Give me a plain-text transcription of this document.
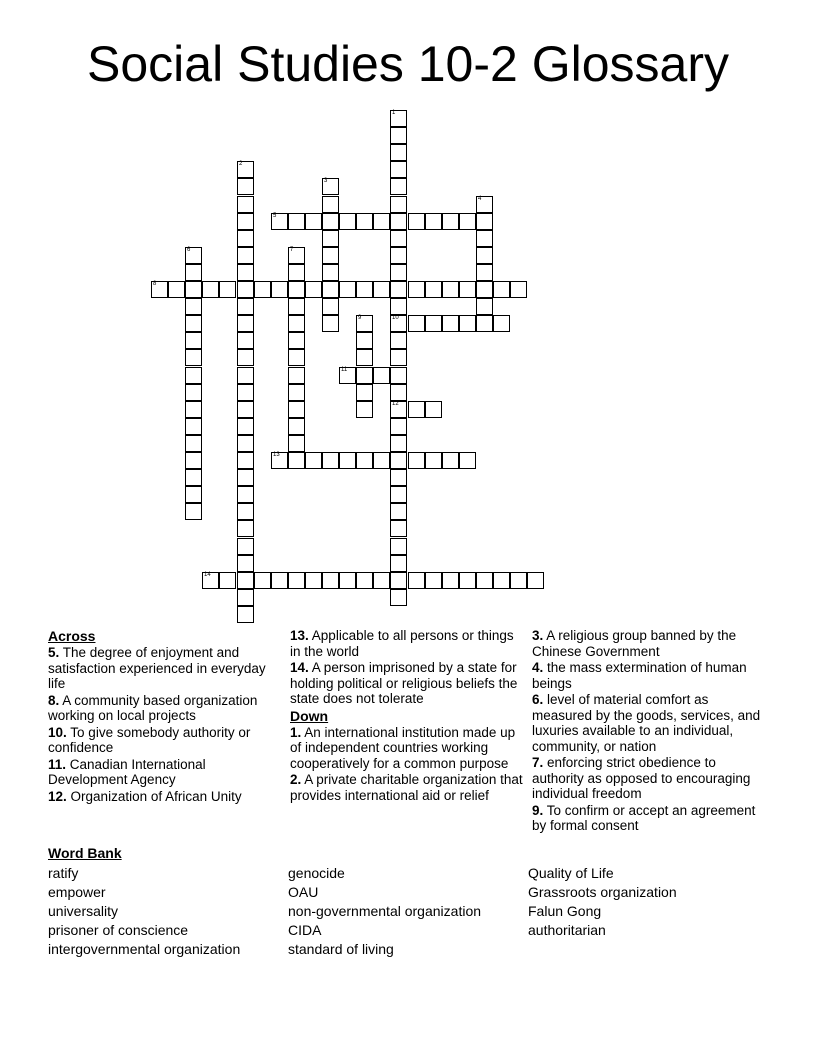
Social Studies 10-2 Glossary
1
10
12
2
3
4
5
6	7
8
9
11
13
14
Across
5. The degree of enjoyment and satisfaction experienced in everyday life
8. A community based organization working on local projects
10. To give somebody authority or confidence
11. Canadian International Development Agency
12. Organization of African Unity
13. Applicable to all persons or things in the world
14. A person imprisoned by a state for holding political or religious beliefs the state does not tolerate
Down
1. An international institution made up of independent countries working cooperatively for a common purpose
2. A private charitable organization that provides international aid or relief
3. A religious group banned by the Chinese Government
4. the mass extermination of human beings
6. level of material comfort as measured by the goods, services, and luxuries available to an individual, community, or nation
7. enforcing strict obedience to authority as opposed to encouraging individual freedom
9. To confirm or accept an agreement by formal consent
Word Bank
ratify
empower
universality
prisoner of conscience
intergovernmental organization
genocide
OAU
non-governmental organization
CIDA
standard of living
Quality of Life
Grassroots organization
Falun Gong
authoritarian
